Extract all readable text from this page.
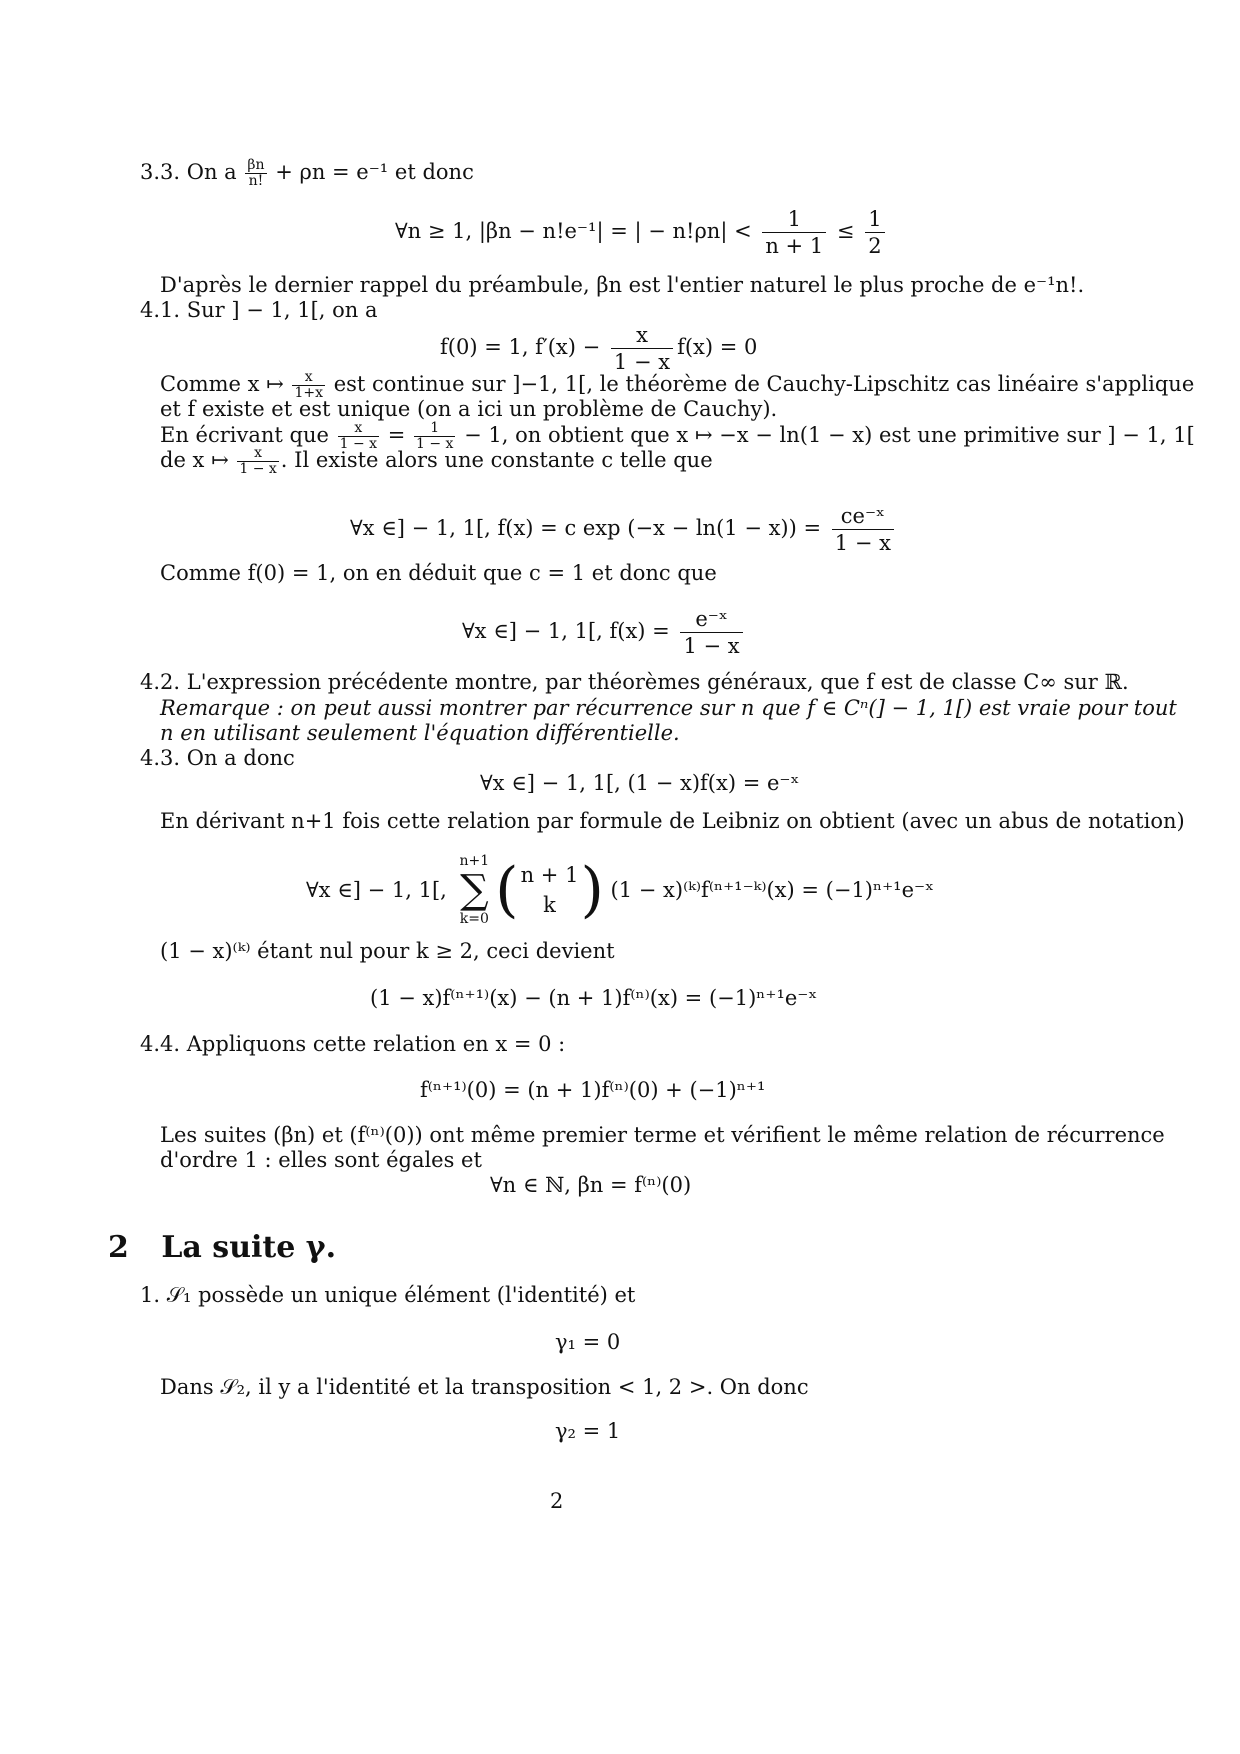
3.3. On a $\frac{\beta n}{n!} + \rho n = e^{-1}$ et donc
∀n ≥ 1, |βn − n!e⁻¹| = | − $n!\rho n| < \frac{1}{n + 1} \le \frac{1}{2}$
D'après le dernier rappel du préambule, βn est l'entier naturel le plus proche de e⁻¹n!.
4.1. Sur ] − 1, 1[, on a
f(0) = 1, $f'(x) - \frac{x}{1 - x} f(x) = 0$
Comme x ↦ $\frac{x}{1+x}$ est continue sur ]−1, 1[, le théorème de Cauchy-Lipschitz cas linéaire s'applique
et f existe et est unique (on a ici un problème de Cauchy).
En écrivant que $\frac{x}{1 - x} = \frac{1}{1 - x} - 1$, on obtient que x ↦ −x − ln(1 − x) est une primitive sur ] − 1, 1[
de x ↦ $\frac{x}{1 - x}$ . Il existe alors une constante c telle que
∀x ∈] − 1, 1[, f(x) = c $\exp (-x - \ln(1 - x)) = \frac{\text{ce⁻ˣ}}{1 - x}$
Comme f(0) = 1, on en déduit que c = 1 et donc que
∀x ∈] − 1, 1[, $f(x) = \frac{\text{e⁻ˣ}}{1 - x}$
4.2. L'expression précédente montre, par théorèmes généraux, que f est de classe C∞ sur ℝ.
Remarque : on peut aussi montrer par récurrence sur n que f ∈ Cⁿ(] − 1, 1[) est vraie pour tout
n en utilisant seulement l'équation différentielle.
4.3. On a donc
∀x ∈] − 1, 1[, (1 − x)f(x) = e⁻ˣ
En dérivant n+1 fois cette relation par formule de Leibniz on obtient (avec un abus de notation)
∀x ∈] − 1, 1[,
n+1
∑
k=0 ( n + 1
k ) (1 − x)⁽ᵏ⁾f⁽ⁿ⁺¹⁻ᵏ⁾(x) = (−1)ⁿ⁺¹e⁻ˣ
(1 − x)⁽ᵏ⁾ étant nul pour k ≥ 2, ceci devient
(1 − x)f⁽ⁿ⁺¹⁾(x) − (n + 1)f⁽ⁿ⁾(x) = (−1)ⁿ⁺¹e⁻ˣ
4.4. Appliquons cette relation en x = 0 :
f⁽ⁿ⁺¹⁾(0) = (n + 1)f⁽ⁿ⁾(0) + (−1)ⁿ⁺¹
Les suites (βn) et (f⁽ⁿ⁾(0)) ont même premier terme et vérifient le même relation de récurrence
d'ordre 1 : elles sont égales et
∀n ∈ ℕ, βn = f⁽ⁿ⁾(0)
2 La suite γ.
1. 𝒮₁ possède un unique élément (l'identité) et
γ₁ = 0
Dans 𝒮₂, il y a l'identité et la transposition < 1, 2 >. On donc
γ₂ = 1
2
